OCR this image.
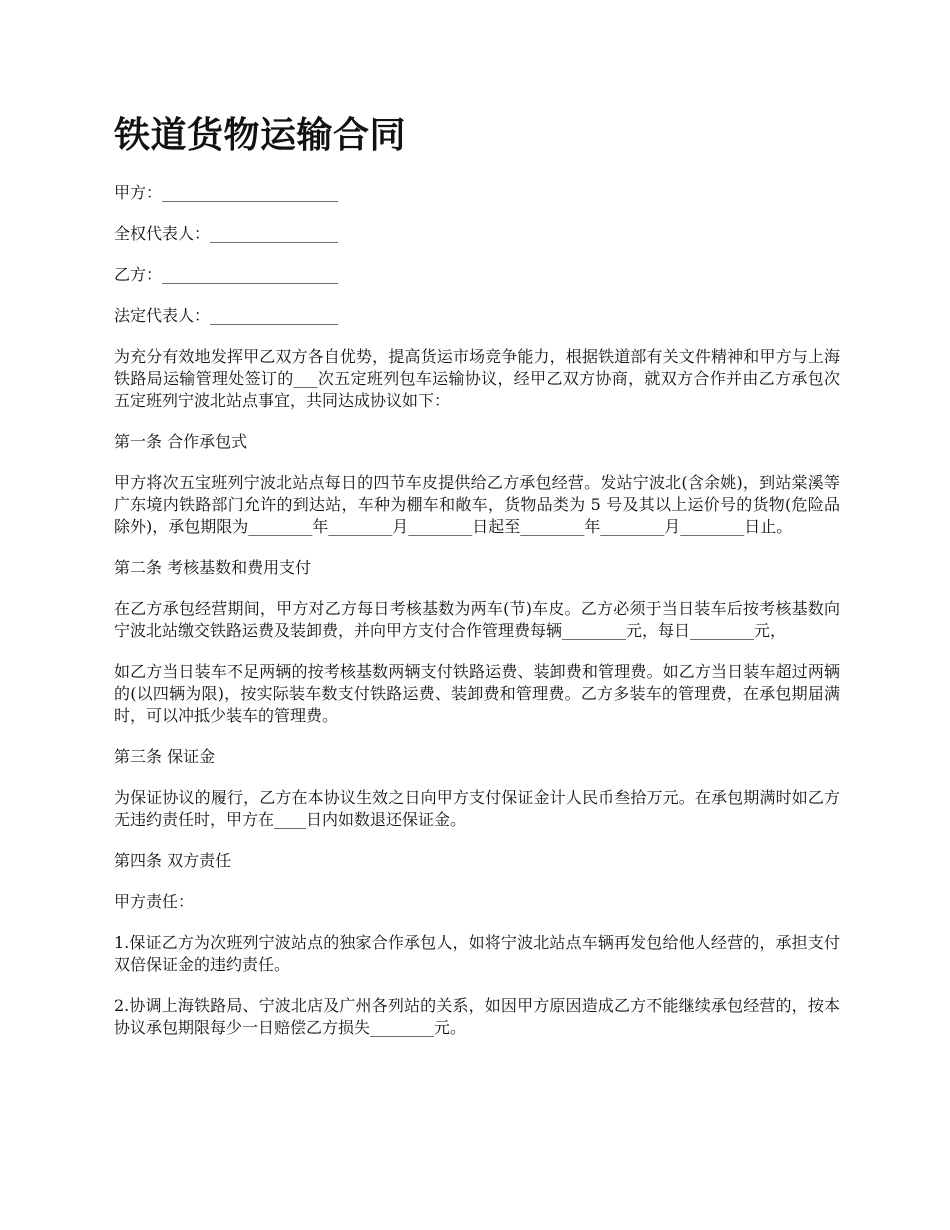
铁道货物运输合同

甲方：______________________

全权代表人：________________

乙方：______________________

法定代表人：________________

为充分有效地发挥甲乙双方各自优势，提高货运市场竞争能力，根据铁道部有关文件精神和甲方与上海铁路局运输管理处签订的___次五定班列包车运输协议，经甲乙双方协商，就双方合作并由乙方承包次五定班列宁波北站点事宜，共同达成协议如下：

第一条 合作承包式

甲方将次五宝班列宁波北站点每日的四节车皮提供给乙方承包经营。发站宁波北(含余姚)，到站棠溪等广东境内铁路部门允许的到达站，车种为棚车和敞车，货物品类为 5 号及其以上运价号的货物(危险品除外)，承包期限为________年________月________日起至________年________月________日止。

第二条 考核基数和费用支付

在乙方承包经营期间，甲方对乙方每日考核基数为两车(节)车皮。乙方必须于当日装车后按考核基数向宁波北站缴交铁路运费及装卸费，并向甲方支付合作管理费每辆________元，每日________元，

如乙方当日装车不足两辆的按考核基数两辆支付铁路运费、装卸费和管理费。如乙方当日装车超过两辆的(以四辆为限)，按实际装车数支付铁路运费、装卸费和管理费。乙方多装车的管理费，在承包期届满时，可以冲抵少装车的管理费。

第三条 保证金

为保证协议的履行，乙方在本协议生效之日向甲方支付保证金计人民币叁拾万元。在承包期满时如乙方无违约责任时，甲方在____日内如数退还保证金。

第四条 双方责任

甲方责任：

1.保证乙方为次班列宁波站点的独家合作承包人，如将宁波北站点车辆再发包给他人经营的，承担支付双倍保证金的违约责任。

2.协调上海铁路局、宁波北店及广州各列站的关系，如因甲方原因造成乙方不能继续承包经营的，按本协议承包期限每少一日赔偿乙方损失________元。
